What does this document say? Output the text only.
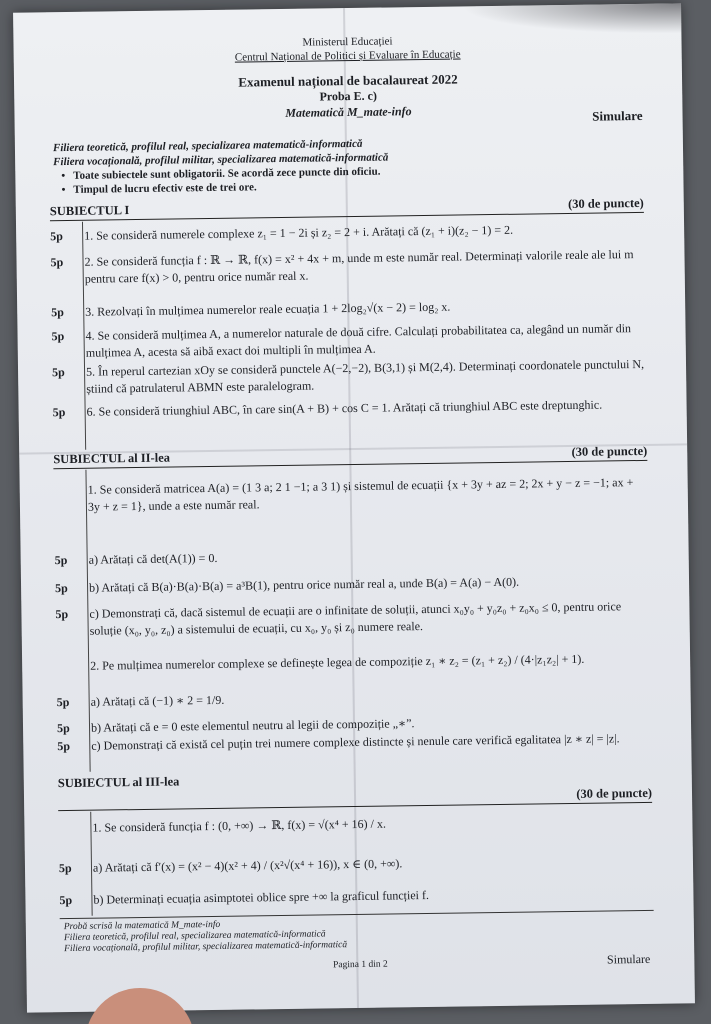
Ministerul Educației
Centrul Național de Politici și Evaluare în Educație
Examenul național de bacalaureat 2022
Proba E. c)
Matematică M_mate-info	Simulare
Filiera teoretică, profilul real, specializarea matematică-informatică
Filiera vocațională, profilul militar, specializarea matematică-informatică
• Toate subiectele sunt obligatorii. Se acordă zece puncte din oficiu.
• Timpul de lucru efectiv este de trei ore.
SUBIECTUL I	(30 de puncte)
5p	1. Se consideră numerele complexe z₁ = 1 − 2i și z₂ = 2 + i. Arătați că (z₁ + i)(z₂ − 1) = 2.
5p	2. Se consideră funcția f : ℝ → ℝ, f(x) = x² + 4x + m, unde m este număr real. Determinați valorile reale ale lui m pentru care f(x) > 0, pentru orice număr real x.
5p	3. Rezolvați în mulțimea numerelor reale ecuația 1 + 2log₂√(x − 2) = log₂ x.
5p	4. Se consideră mulțimea A, a numerelor naturale de două cifre. Calculați probabilitatea ca, alegând un număr din mulțimea A, acesta să aibă exact doi multipli în mulțimea A.
5p	5. În reperul cartezian xOy se consideră punctele A(−2,−2), B(3,1) și M(2,4). Determinați coordonatele punctului N, știind că patrulaterul ABMN este paralelogram.
5p	6. Se consideră triunghiul ABC, în care sin(A + B) + cos C = 1. Arătați că triunghiul ABC este dreptunghic.
SUBIECTUL al II-lea	(30 de puncte)
1. Se consideră matricea A(a) = (1 3 a; 2 1 −1; a 3 1) și sistemul de ecuații {x + 3y + az = 2; 2x + y − z = −1; ax + 3y + z = 1}, unde a este număr real.
5p	a) Arătați că det(A(1)) = 0.
5p	b) Arătați că B(a)·B(a)·B(a) = a³B(1), pentru orice număr real a, unde B(a) = A(a) − A(0).
5p	c) Demonstrați că, dacă sistemul de ecuații are o infinitate de soluții, atunci x₀y₀ + y₀z₀ + z₀x₀ ≤ 0, pentru orice soluție (x₀, y₀, z₀) a sistemului de ecuații, cu x₀, y₀ și z₀ numere reale.
2. Pe mulțimea numerelor complexe se definește legea de compoziție z₁ ∗ z₂ = (z₁ + z₂) / (4·|z₁z₂| + 1).
5p	a) Arătați că (−1) ∗ 2 = 1/9.
5p	b) Arătați că e = 0 este elementul neutru al legii de compoziție „∗”.
5p	c) Demonstrați că există cel puțin trei numere complexe distincte și nenule care verifică egalitatea |z ∗ z| = |z|.
SUBIECTUL al III-lea
(30 de puncte)
1. Se consideră funcția f : (0, +∞) → ℝ, f(x) = √(x⁴ + 16) / x.
5p	a) Arătați că f′(x) = (x² − 4)(x² + 4) / (x²√(x⁴ + 16)), x ∈ (0, +∞).
5p	b) Determinați ecuația asimptotei oblice spre +∞ la graficul funcției f.
Probă scrisă la matematică M_mate-info
Filiera teoretică, profilul real, specializarea matematică-informatică
Filiera vocațională, profilul militar, specializarea matematică-informatică
Pagina 1 din 2	Simulare
